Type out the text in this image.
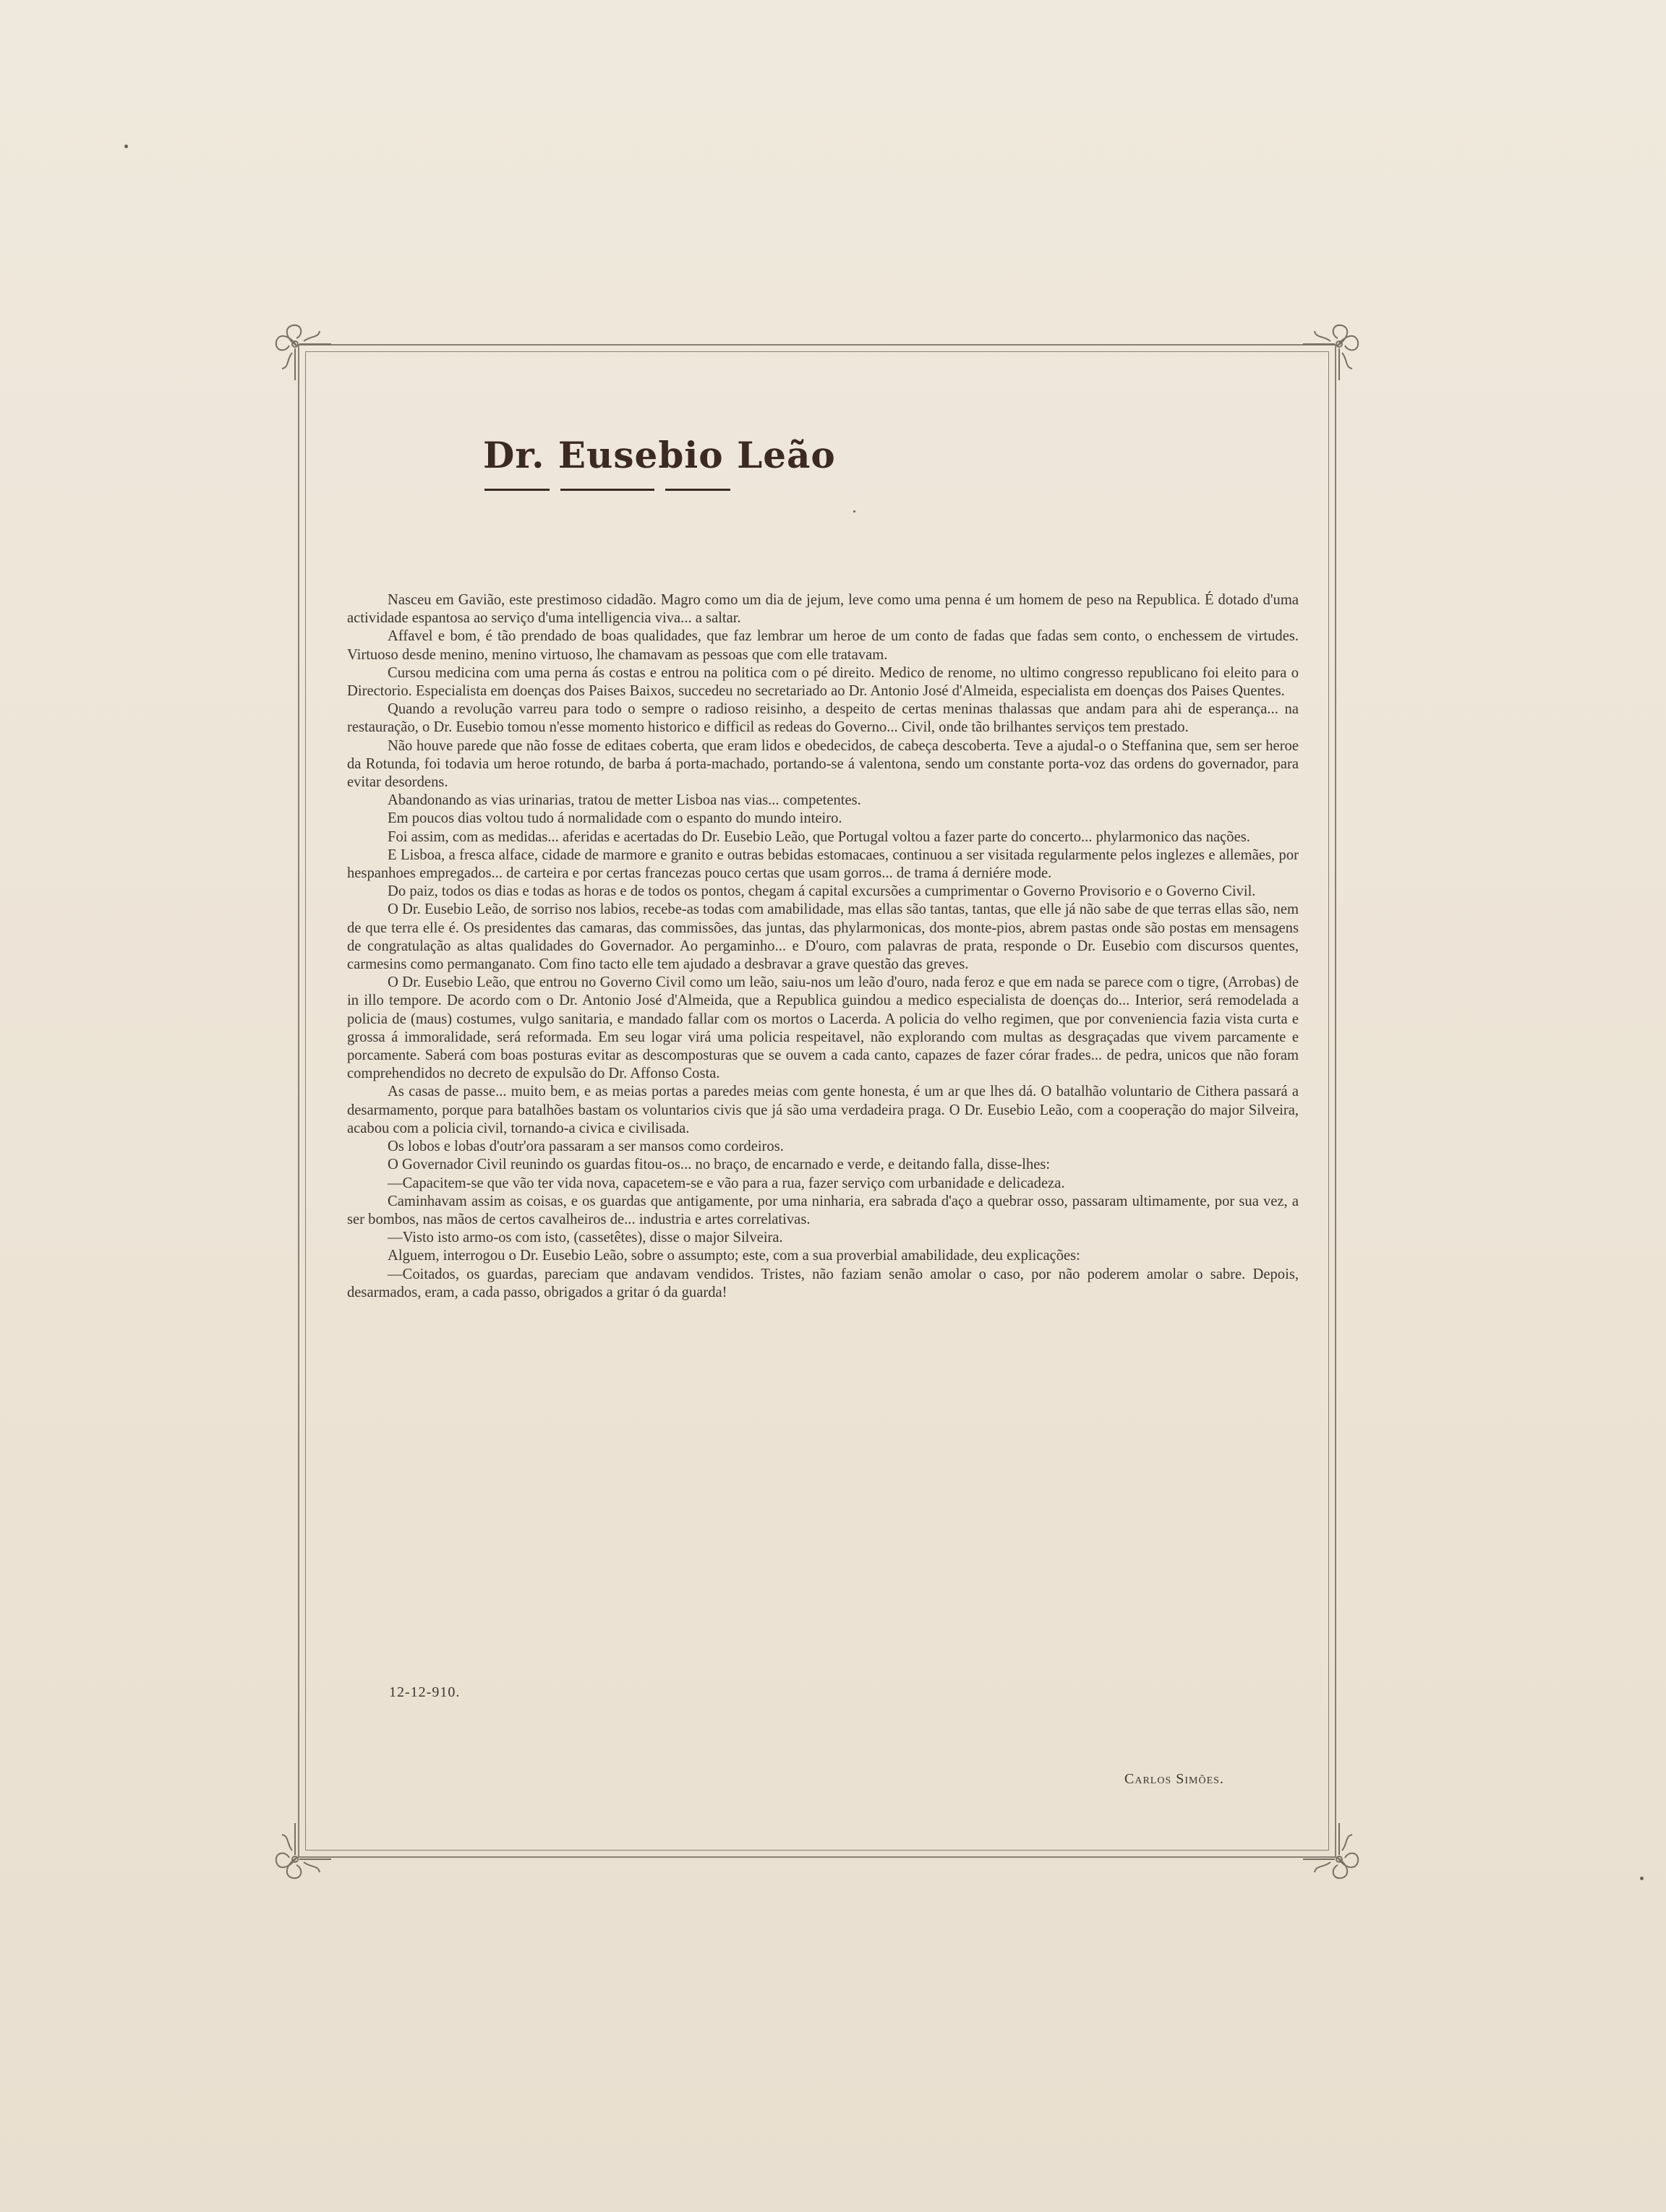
Dr. Eusebio Leão

Nasceu em Gavião, este prestimoso cidadão. Magro como um dia de jejum, leve como uma penna é um homem de peso na Republica. É dotado d'uma actividade espantosa ao serviço d'uma intelligencia viva... a saltar.

Affavel e bom, é tão prendado de boas qualidades, que faz lembrar um heroe de um conto de fadas que fadas sem conto, o enchessem de virtudes. Virtuoso desde menino, menino virtuoso, lhe chamavam as pessoas que com elle tratavam.

Cursou medicina com uma perna ás costas e entrou na politica com o pé direito. Medico de renome, no ultimo congresso republicano foi eleito para o Directorio. Especialista em doenças dos Paises Baixos, succedeu no secretariado ao Dr. Antonio José d'Almeida, especialista em doenças dos Paises Quentes.

Quando a revolução varreu para todo o sempre o radioso reisinho, a despeito de certas meninas thalassas que andam para ahi de esperança... na restauração, o Dr. Eusebio tomou n'esse momento historico e difficil as redeas do Governo... Civil, onde tão brilhantes serviços tem prestado.

Não houve parede que não fosse de editaes coberta, que eram lidos e obedecidos, de cabeça descoberta. Teve a ajudal-o o Steffanina que, sem ser heroe da Rotunda, foi todavia um heroe rotundo, de barba á porta-machado, portando-se á valentona, sendo um constante porta-voz das ordens do governador, para evitar desordens.

Abandonando as vias urinarias, tratou de metter Lisboa nas vias... competentes.

Em poucos dias voltou tudo á normalidade com o espanto do mundo inteiro.

Foi assim, com as medidas... aferidas e acertadas do Dr. Eusebio Leão, que Portugal voltou a fazer parte do concerto... phylarmonico das nações.

E Lisboa, a fresca alface, cidade de marmore e granito e outras bebidas estomacaes, continuou a ser visitada regularmente pelos inglezes e allemães, por hespanhoes empregados... de carteira e por certas francezas pouco certas que usam gorros... de trama á derniére mode.

Do paiz, todos os dias e todas as horas e de todos os pontos, chegam á capital excursões a cumprimentar o Governo Provisorio e o Governo Civil.

O Dr. Eusebio Leão, de sorriso nos labios, recebe-as todas com amabilidade, mas ellas são tantas, tantas, que elle já não sabe de que terras ellas são, nem de que terra elle é. Os presidentes das camaras, das commissões, das juntas, das phylarmonicas, dos monte-pios, abrem pastas onde são postas em mensagens de congratulação as altas qualidades do Governador. Ao pergaminho... e D'ouro, com palavras de prata, responde o Dr. Eusebio com discursos quentes, carmesins como permanganato. Com fino tacto elle tem ajudado a desbravar a grave questão das greves.

O Dr. Eusebio Leão, que entrou no Governo Civil como um leão, saiu-nos um leão d'ouro, nada feroz e que em nada se parece com o tigre, (Arrobas) de in illo tempore. De acordo com o Dr. Antonio José d'Almeida, que a Republica guindou a medico especialista de doenças do... Interior, será remodelada a policia de (maus) costumes, vulgo sanitaria, e mandado fallar com os mortos o Lacerda. A policia do velho regimen, que por conveniencia fazia vista curta e grossa á immoralidade, será reformada. Em seu logar virá uma policia respeitavel, não explorando com multas as desgraçadas que vivem parcamente e porcamente. Saberá com boas posturas evitar as descomposturas que se ouvem a cada canto, capazes de fazer córar frades... de pedra, unicos que não foram comprehendidos no decreto de expulsão do Dr. Affonso Costa.

As casas de passe... muito bem, e as meias portas a paredes meias com gente honesta, é um ar que lhes dá. O batalhão voluntario de Cithera passará a desarmamento, porque para batalhões bastam os voluntarios civis que já são uma verdadeira praga. O Dr. Eusebio Leão, com a cooperação do major Silveira, acabou com a policia civil, tornando-a civica e civilisada.

Os lobos e lobas d'outr'ora passaram a ser mansos como cordeiros.

O Governador Civil reunindo os guardas fitou-os... no braço, de encarnado e verde, e deitando falla, disse-lhes:

—Capacitem-se que vão ter vida nova, capacetem-se e vão para a rua, fazer serviço com urbanidade e delicadeza.

Caminhavam assim as coisas, e os guardas que antigamente, por uma ninharia, era sabrada d'aço a quebrar osso, passaram ultimamente, por sua vez, a ser bombos, nas mãos de certos cavalheiros de... industria e artes correlativas.

—Visto isto armo-os com isto, (cassetêtes), disse o major Silveira.

Alguem, interrogou o Dr. Eusebio Leão, sobre o assumpto; este, com a sua proverbial amabilidade, deu explicações:

—Coitados, os guardas, pareciam que andavam vendidos. Tristes, não faziam senão amolar o caso, por não poderem amolar o sabre. Depois, desarmados, eram, a cada passo, obrigados a gritar ó da guarda!

12-12-910.
Carlos Simões.
